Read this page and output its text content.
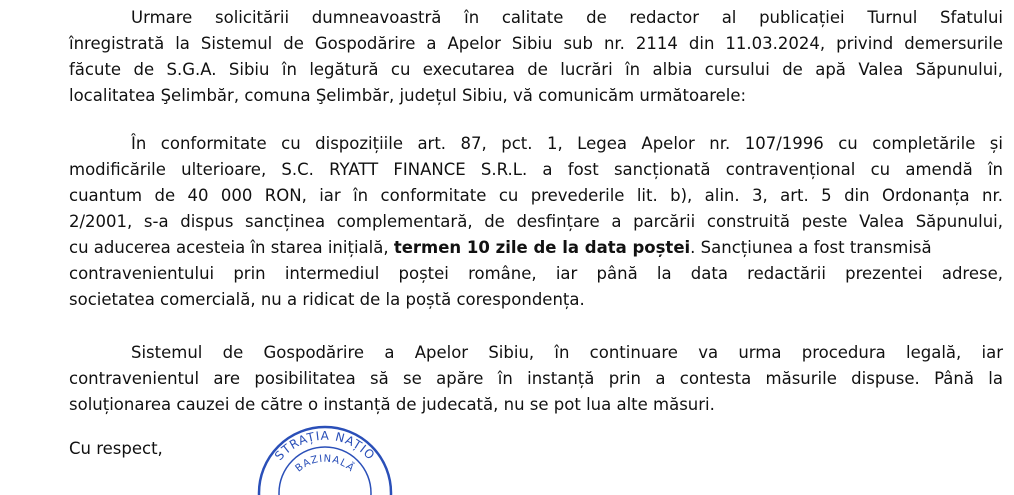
Urmare solicitării dumneavoastră în calitate de redactor al publicației Turnul Sfatului
înregistrată la Sistemul de Gospodărire a Apelor Sibiu sub nr. 2114 din 11.03.2024, privind demersurile
făcute de S.G.A. Sibiu în legătură cu executarea de lucrări în albia cursului de apă Valea Săpunului,
localitatea Şelimbăr, comuna Şelimbăr, județul Sibiu, vă comunicăm următoarele:
În conformitate cu dispozițiile art. 87, pct. 1, Legea Apelor nr. 107/1996 cu completările și
modificările ulterioare, S.C. RYATT FINANCE S.R.L. a fost sancționată contravențional cu amendă în
cuantum de 40 000 RON, iar în conformitate cu prevederile lit. b), alin. 3, art. 5 din Ordonanța nr.
2/2001, s-a dispus sancținea complementară, de desfințare a parcării construită peste Valea Săpunului,
cu aducerea acesteia în starea inițială, termen 10 zile de la data poștei. Sancțiunea a fost transmisă
contravenientului prin intermediul poștei române, iar până la data redactării prezentei adrese,
societatea comercială, nu a ridicat de la poștă corespondența.
Sistemul de Gospodărire a Apelor Sibiu, în continuare va urma procedura legală, iar
contravenientul are posibilitatea să se apăre în instanță prin a contesta măsurile dispuse. Până la
soluționarea cauzei de către o instanță de judecată, nu se pot lua alte măsuri.
Cu respect,	STRAȚIA NAȚIO
BAZINALĂ
